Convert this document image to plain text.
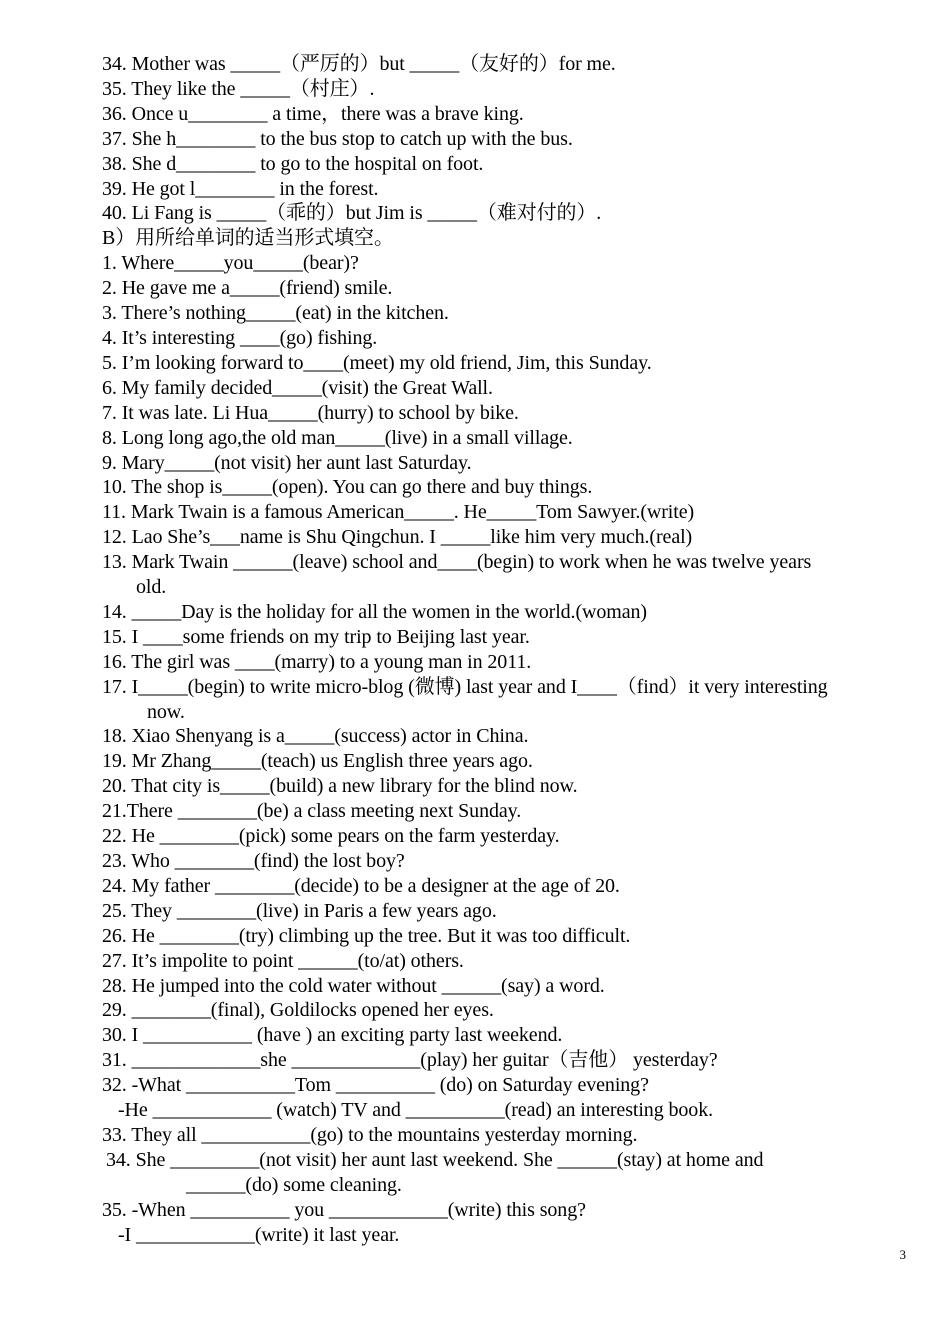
34. Mother was _____（严厉的）but _____（友好的）for me.
35. They like the _____（村庄）.
36. Once u________ a time，there was a brave king.
37. She h________ to the bus stop to catch up with the bus.
38. She d________ to go to the hospital on foot.
39. He got l________ in the forest.
40. Li Fang is _____（乖的）but Jim is _____（难对付的）.
B）用所给单词的适当形式填空。
1. Where_____you_____(bear)?
2. He gave me a_____(friend) smile.
3. There’s nothing_____(eat) in the kitchen.
4. It’s interesting ____(go) fishing.
5. I’m looking forward to____(meet) my old friend, Jim, this Sunday.
6. My family decided_____(visit) the Great Wall.
7. It was late. Li Hua_____(hurry) to school by bike.
8. Long long ago,the old man_____(live) in a small village.
9. Mary_____(not visit) her aunt last Saturday.
10. The shop is_____(open). You can go there and buy things.
11. Mark Twain is a famous American_____. He_____Tom Sawyer.(write)
12. Lao She’s___name is Shu Qingchun. I _____like him very much.(real)
13. Mark Twain ______(leave) school and____(begin) to work when he was twelve years
old.
14. _____Day is the holiday for all the women in the world.(woman)
15. I ____some friends on my trip to Beijing last year.
16. The girl was ____(marry) to a young man in 2011.
17. I_____(begin) to write micro-blog (微博) last year and I____（find）it very interesting
now.
18. Xiao Shenyang is a_____(success) actor in China.
19. Mr Zhang_____(teach) us English three years ago.
20. That city is_____(build) a new library for the blind now.
21.There ________(be) a class meeting next Sunday.
22. He ________(pick) some pears on the farm yesterday.
23. Who ________(find) the lost boy?
24. My father ________(decide) to be a designer at the age of 20.
25. They ________(live) in Paris a few years ago.
26. He ________(try) climbing up the tree. But it was too difficult.
27. It’s impolite to point ______(to/at) others.
28. He jumped into the cold water without ______(say) a word.
29. ________(final), Goldilocks opened her eyes.
30. I ___________ (have ) an exciting party last weekend.
31. _____________she _____________(play) her guitar（吉他） yesterday?
32. -What ___________Tom __________ (do) on Saturday evening?
-He ____________ (watch) TV and __________(read) an interesting book.
33. They all ___________(go) to the mountains yesterday morning.
34. She _________(not visit) her aunt last weekend. She ______(stay) at home and
______(do) some cleaning.
35. -When __________ you ____________(write) this song?
-I ____________(write) it last year.
3
